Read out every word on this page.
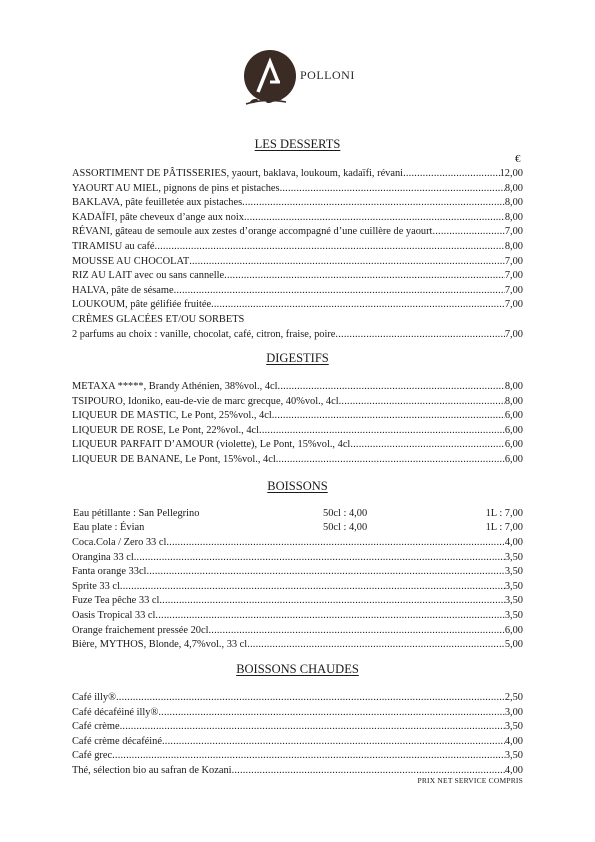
POLLONI
LES DESSERTS
€
ASSORTIMENT DE PÂTISSERIES, yaourt, baklava, loukoum, kadaïfi, révani .....	12,00
YAOURT AU MIEL, pignons de pins et pistaches .....	8,00
BAKLAVA, pâte feuilletée aux pistaches .....	8,00
KADAÏFI, pâte cheveux d’ange aux noix .....	8,00
RÉVANI, gâteau de semoule aux zestes d’orange accompagné d’une cuillère de yaourt .....	7,00
TIRAMISU au café .....	8,00
MOUSSE AU CHOCOLAT .....	7,00
RIZ AU LAIT avec ou sans cannelle .....	7,00
HALVA, pâte de sésame .....	7,00
LOUKOUM, pâte gélifiée fruitée .....	7,00
CRÈMES GLACÉES ET/OU SORBETS
2 parfums au choix : vanille, chocolat, café, citron, fraise, poire .....	7,00
DIGESTIFS
METAXA *****, Brandy Athénien, 38%vol., 4cl .....	8,00
TSIPOURO, Idoniko, eau-de-vie de marc grecque, 40%vol., 4cl .....	8,00
LIQUEUR DE MASTIC, Le Pont, 25%vol., 4cl .....	6,00
LIQUEUR DE ROSE, Le Pont, 22%vol., 4cl .....	6,00
LIQUEUR PARFAIT D’AMOUR (violette), Le Pont, 15%vol., 4cl .....	6,00
LIQUEUR DE BANANE, Le Pont, 15%vol., 4cl .....	6,00
BOISSONS
Eau pétillante : San Pellegrino	50cl : 4,00	1L : 7,00
Eau plate : Évian	50cl : 4,00	1L : 7,00
Coca.Cola / Zero 33 cl .....	4,00
Orangina 33 cl .....	3,50
Fanta orange 33cl .....	3,50
Sprite 33 cl .....	3,50
Fuze Tea pêche 33 cl .....	3,50
Oasis Tropical 33 cl .....	3,50
Orange fraichement pressée 20cl .....	6,00
Bière, MYTHOS, Blonde, 4,7%vol., 33 cl .....	5,00
BOISSONS CHAUDES
Café illy® .....	2,50
Café décaféiné illy® .....	3,00
Café crème .....	3,50
Café crème décaféiné .....	4,00
Café grec .....	3,50
Thé, sélection bio au safran de Kozani .....	4,00
PRIX NET SERVICE COMPRIS
